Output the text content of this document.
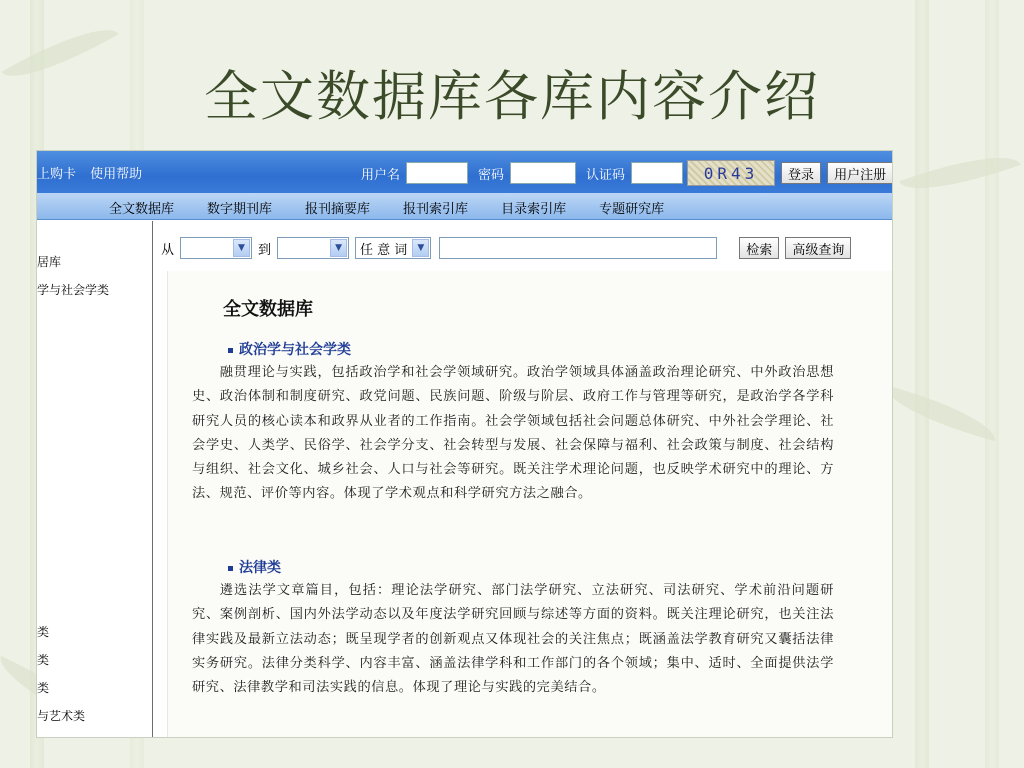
全文数据库各库内容介绍
上购卡 使用帮助	用户名	密码	认证码	0R43	登录	用户注册
全文数据库	数字期刊库	报刊摘要库	报刊索引库	目录索引库	专题研究库
居库
学与社会学类
类
类
类
与艺术类
从	▼	到	▼	任 意 词	▼	检索	高级查询
全文数据库
政治学与社会学类
融贯理论与实践，包括政治学和社会学领域研究。政治学领域具体涵盖政治理论研究、中外政治思想史、政治体制和制度研究、政党问题、民族问题、阶级与阶层、政府工作与管理等研究，是政治学各学科研究人员的核心读本和政界从业者的工作指南。社会学领域包括社会问题总体研究、中外社会学理论、社会学史、人类学、民俗学、社会学分支、社会转型与发展、社会保障与福利、社会政策与制度、社会结构与组织、社会文化、城乡社会、人口与社会等研究。既关注学术理论问题，也反映学术研究中的理论、方法、规范、评价等内容。体现了学术观点和科学研究方法之融合。
法律类
遴选法学文章篇目，包括：理论法学研究、部门法学研究、立法研究、司法研究、学术前沿问题研究、案例剖析、国内外法学动态以及年度法学研究回顾与综述等方面的资料。既关注理论研究，也关注法律实践及最新立法动态；既呈现学者的创新观点又体现社会的关注焦点；既涵盖法学教育研究又囊括法律实务研究。法律分类科学、内容丰富、涵盖法律学科和工作部门的各个领域；集中、适时、全面提供法学研究、法律教学和司法实践的信息。体现了理论与实践的完美结合。
